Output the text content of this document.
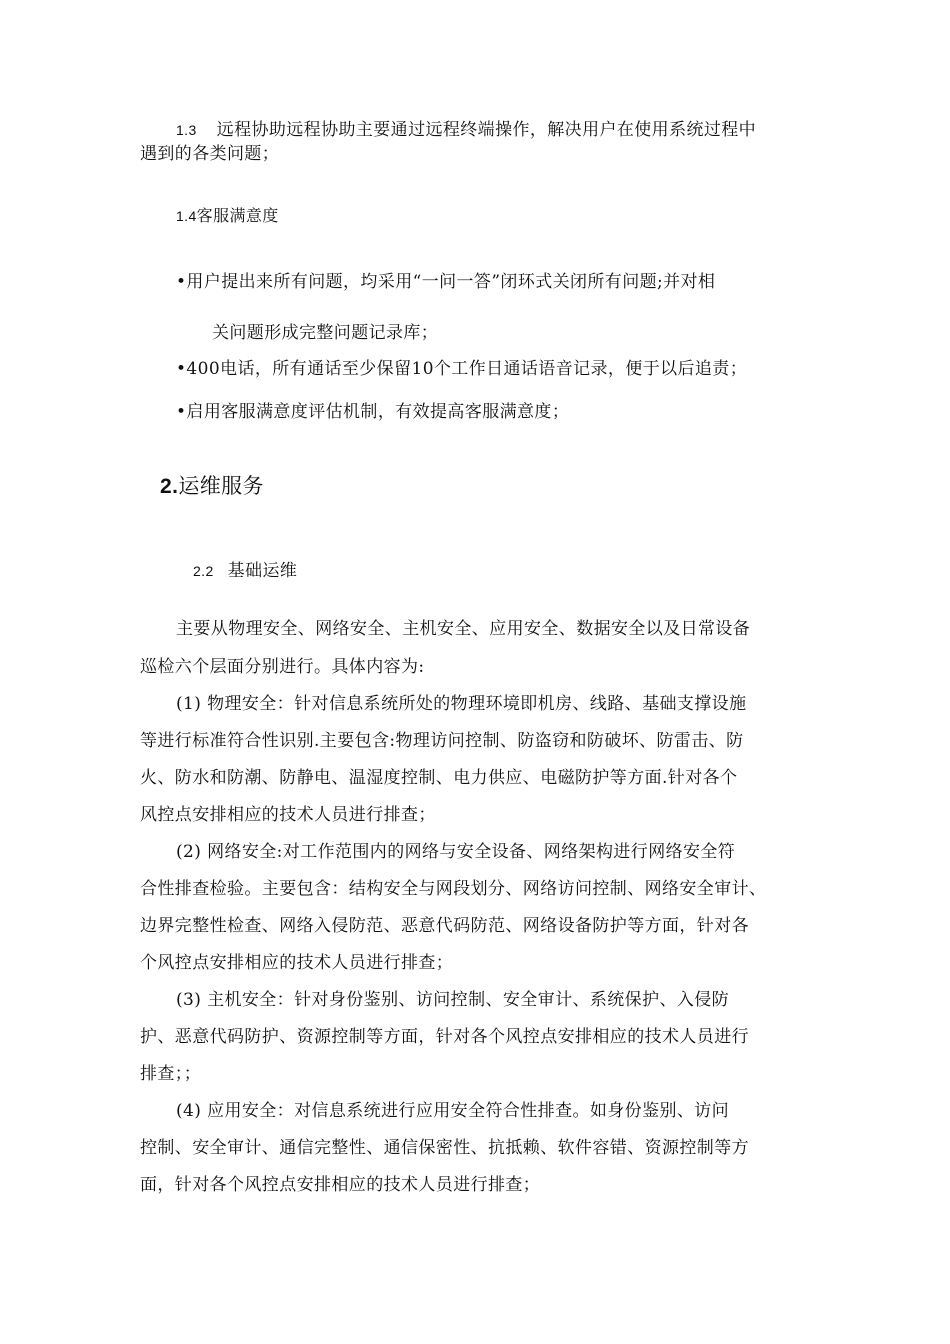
1.3 远程协助远程协助主要通过远程终端操作，解决用户在使用系统过程中
遇到的各类问题；
1.4客服满意度
•用户提出来所有问题，均采用“一问一答”闭环式关闭所有问题;并对相
关问题形成完整问题记录库；
•400电话，所有通话至少保留10个工作日通话语音记录，便于以后追责；
•启用客服满意度评估机制，有效提高客服满意度；
2.运维服务
2.2 基础运维
主要从物理安全、网络安全、主机安全、应用安全、数据安全以及日常设备
巡检六个层面分别进行。具体内容为:
(1) 物理安全：针对信息系统所处的物理环境即机房、线路、基础支撑设施
等进行标准符合性识别.主要包含:物理访问控制、防盗窃和防破坏、防雷击、防
火、防水和防潮、防静电、温湿度控制、电力供应、电磁防护等方面.针对各个
风控点安排相应的技术人员进行排查；
(2) 网络安全:对工作范围内的网络与安全设备、网络架构进行网络安全符
合性排查检验。主要包含：结构安全与网段划分、网络访问控制、网络安全审计、
边界完整性检查、网络入侵防范、恶意代码防范、网络设备防护等方面，针对各
个风控点安排相应的技术人员进行排查；
(3) 主机安全：针对身份鉴别、访问控制、安全审计、系统保护、入侵防
护、恶意代码防护、资源控制等方面，针对各个风控点安排相应的技术人员进行
排查；；
(4) 应用安全：对信息系统进行应用安全符合性排查。如身份鉴别、访问
控制、安全审计、通信完整性、通信保密性、抗抵赖、软件容错、资源控制等方
面，针对各个风控点安排相应的技术人员进行排查；
